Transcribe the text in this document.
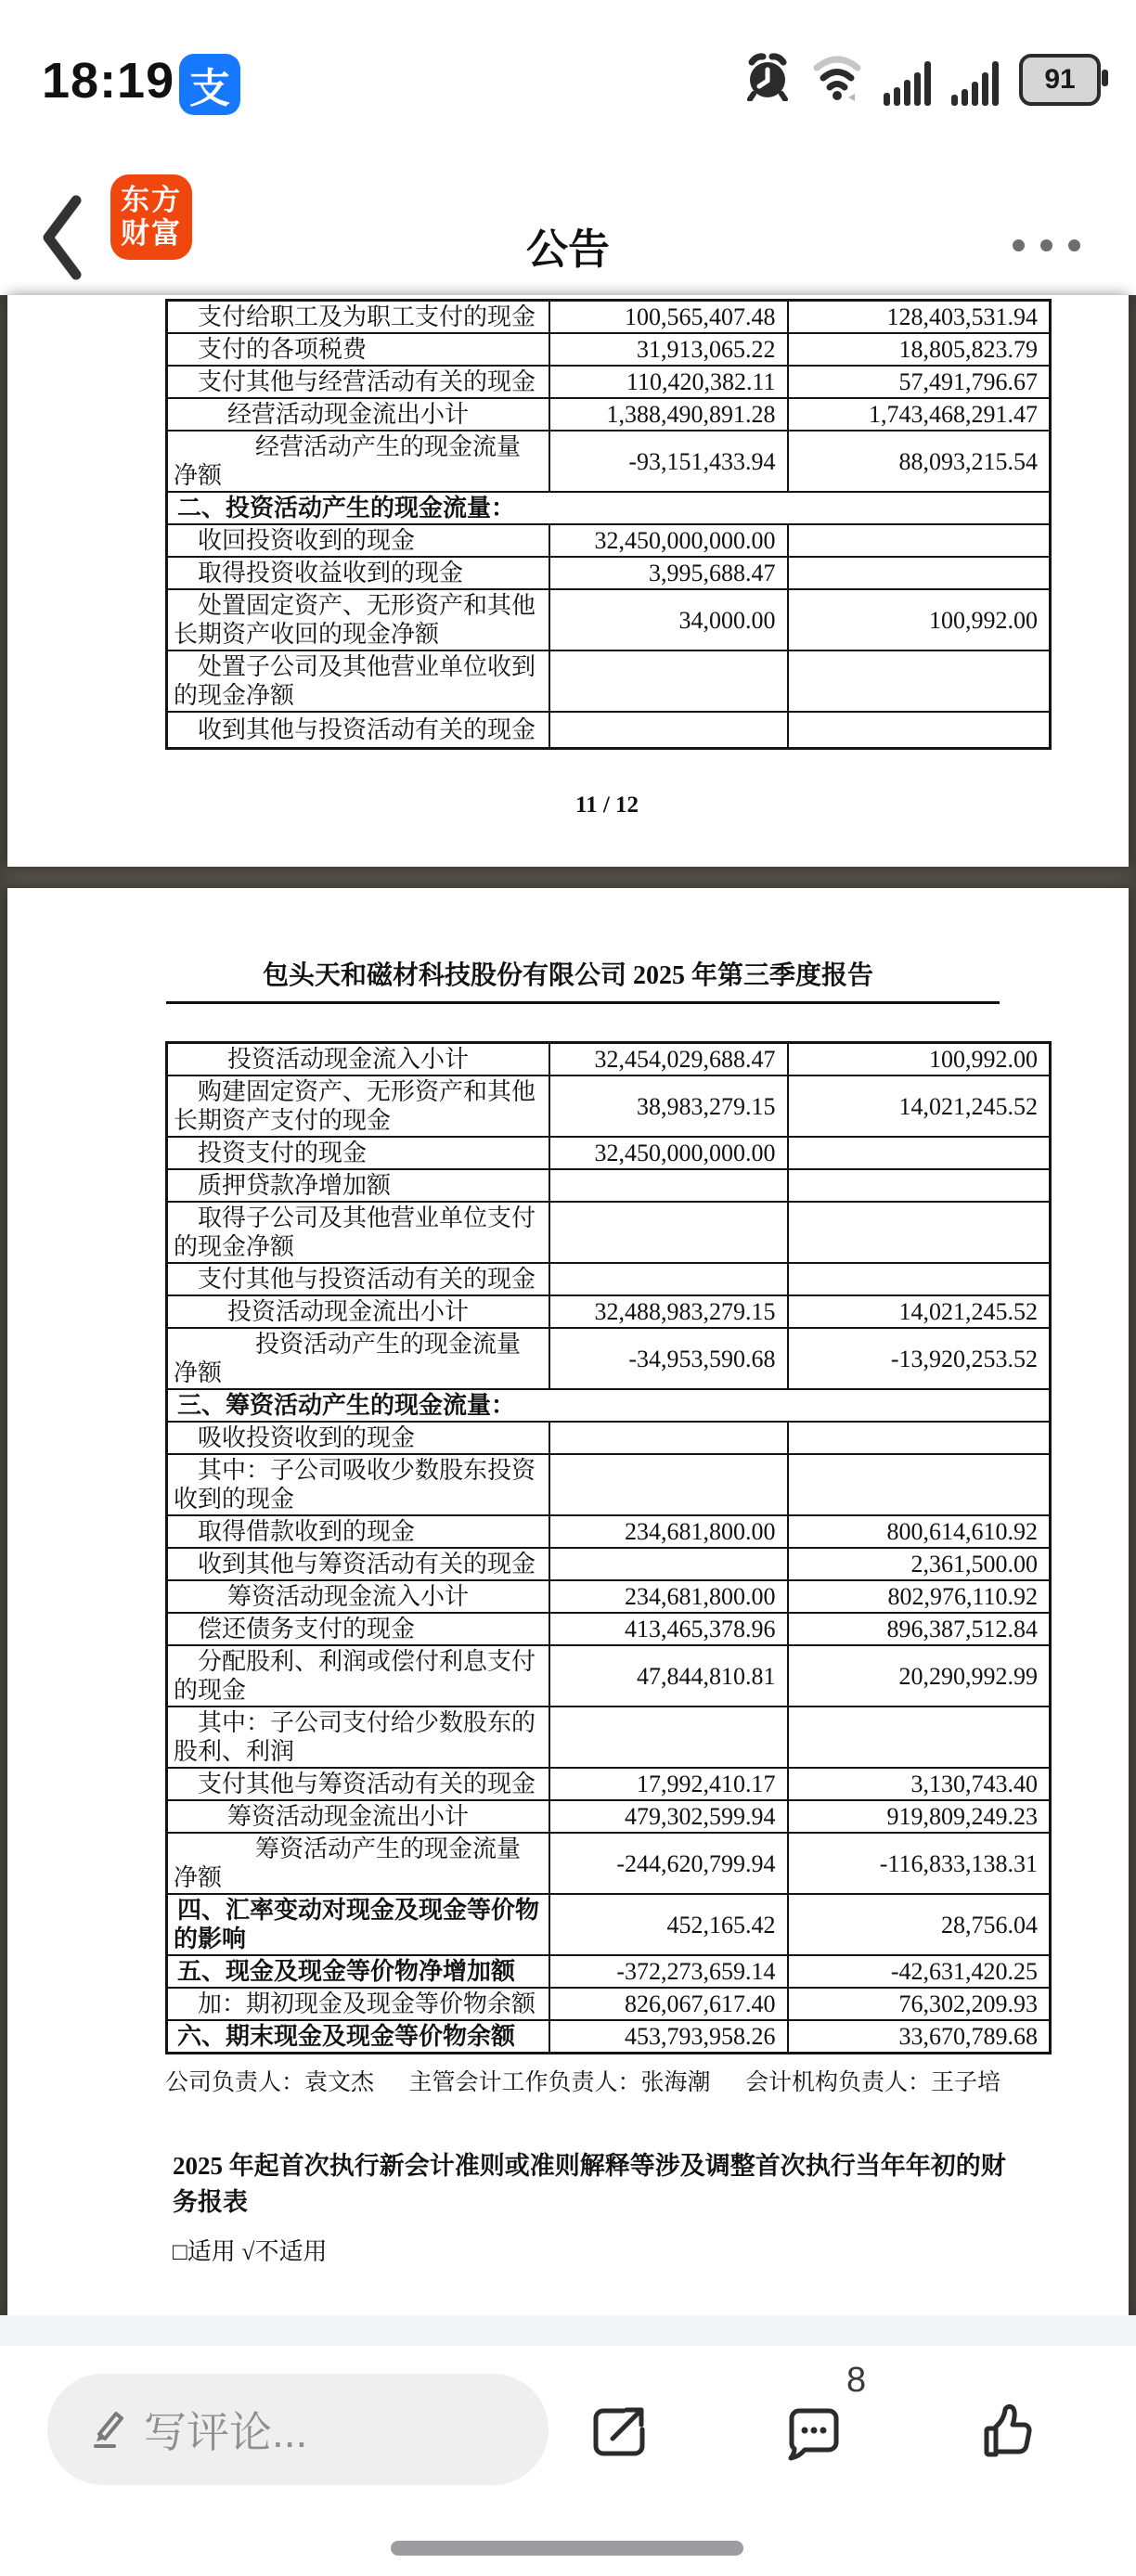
18:19 支	91
东方
财富	公告
支付给职工及为职工支付的现金	100,565,407.48	128,403,531.94
支付的各项税费	31,913,065.22	18,805,823.79
支付其他与经营活动有关的现金	110,420,382.11	57,491,796.67
经营活动现金流出小计	1,388,490,891.28	1,743,468,291.47
经营活动产生的现金流量净额	-93,151,433.94	88,093,215.54
二、投资活动产生的现金流量：		
收回投资收到的现金	32,450,000,000.00	
取得投资收益收到的现金	3,995,688.47	
处置固定资产、无形资产和其他长期资产收回的现金净额	34,000.00	100,992.00
处置子公司及其他营业单位收到的现金净额		
收到其他与投资活动有关的现金		
11 / 12
包头天和磁材科技股份有限公司 2025 年第三季度报告
投资活动现金流入小计	32,454,029,688.47	100,992.00
购建固定资产、无形资产和其他长期资产支付的现金	38,983,279.15	14,021,245.52
投资支付的现金	32,450,000,000.00	
质押贷款净增加额		
取得子公司及其他营业单位支付的现金净额		
支付其他与投资活动有关的现金		
投资活动现金流出小计	32,488,983,279.15	14,021,245.52
投资活动产生的现金流量净额	-34,953,590.68	-13,920,253.52
三、筹资活动产生的现金流量：		
吸收投资收到的现金		
其中：子公司吸收少数股东投资收到的现金		
取得借款收到的现金	234,681,800.00	800,614,610.92
收到其他与筹资活动有关的现金		2,361,500.00
筹资活动现金流入小计	234,681,800.00	802,976,110.92
偿还债务支付的现金	413,465,378.96	896,387,512.84
分配股利、利润或偿付利息支付的现金	47,844,810.81	20,290,992.99
其中：子公司支付给少数股东的股利、利润		
支付其他与筹资活动有关的现金	17,992,410.17	3,130,743.40
筹资活动现金流出小计	479,302,599.94	919,809,249.23
筹资活动产生的现金流量净额	-244,620,799.94	-116,833,138.31
四、汇率变动对现金及现金等价物的影响	452,165.42	28,756.04
五、现金及现金等价物净增加额	-372,273,659.14	-42,631,420.25
加：期初现金及现金等价物余额	826,067,617.40	76,302,209.93
六、期末现金及现金等价物余额	453,793,958.26	33,670,789.68
公司负责人：袁文杰 主管会计工作负责人：张海潮 会计机构负责人：王子培
2025 年起首次执行新会计准则或准则解释等涉及调整首次执行当年年初的财务报表
□适用 √不适用
写评论...
8
